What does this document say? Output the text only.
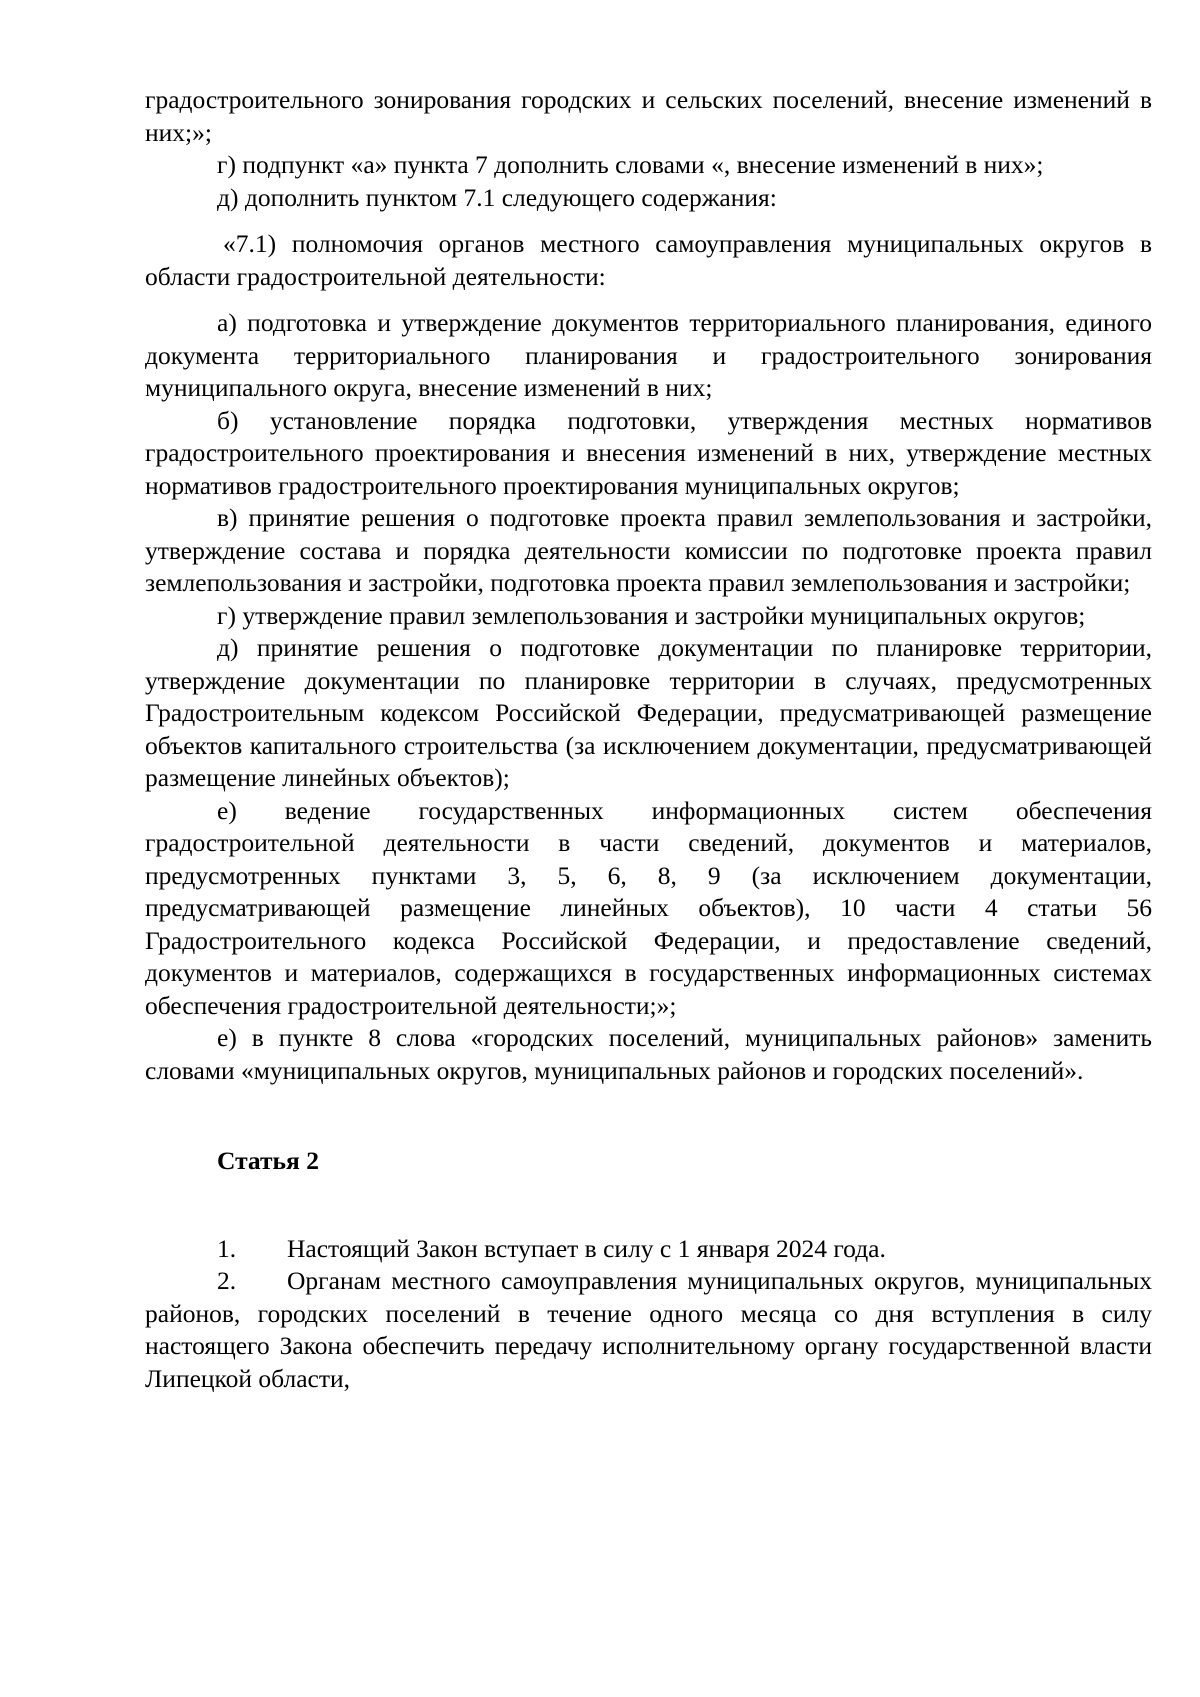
градостроительного зонирования городских и сельских поселений, внесение изменений в них;»;

г) подпункт «а» пункта 7 дополнить словами «, внесение изменений в них»;

д) дополнить пунктом 7.1 следующего содержания:

«7.1) полномочия органов местного самоуправления муниципальных округов в области градостроительной деятельности:

а) подготовка и утверждение документов территориального планирования, единого документа территориального планирования и градостроительного зонирования муниципального округа, внесение изменений в них;

б) установление порядка подготовки, утверждения местных нормативов градостроительного проектирования и внесения изменений в них, утверждение местных нормативов градостроительного проектирования муниципальных округов;

в) принятие решения о подготовке проекта правил землепользования и застройки, утверждение состава и порядка деятельности комиссии по подготовке проекта правил землепользования и застройки, подготовка проекта правил землепользования и застройки;

г) утверждение правил землепользования и застройки муниципальных округов;

д) принятие решения о подготовке документации по планировке территории, утверждение документации по планировке территории в случаях, предусмотренных Градостроительным кодексом Российской Федерации, предусматривающей размещение объектов капитального строительства (за исключением документации, предусматривающей размещение линейных объектов);

е) ведение государственных информационных систем обеспечения градостроительной деятельности в части сведений, документов и материалов, предусмотренных пунктами 3, 5, 6, 8, 9 (за исключением документации, предусматривающей размещение линейных объектов), 10 части 4 статьи 56 Градостроительного кодекса Российской Федерации, и предоставление сведений, документов и материалов, содержащихся в государственных информационных системах обеспечения градостроительной деятельности;»;

е) в пункте 8 слова «городских поселений, муниципальных районов» заменить словами «муниципальных округов, муниципальных районов и городских поселений».

Статья 2

1. Настоящий Закон вступает в силу с 1 января 2024 года.

2. Органам местного самоуправления муниципальных округов, муниципальных районов, городских поселений в течение одного месяца со дня вступления в силу настоящего Закона обеспечить передачу исполнительному органу государственной власти Липецкой области,
